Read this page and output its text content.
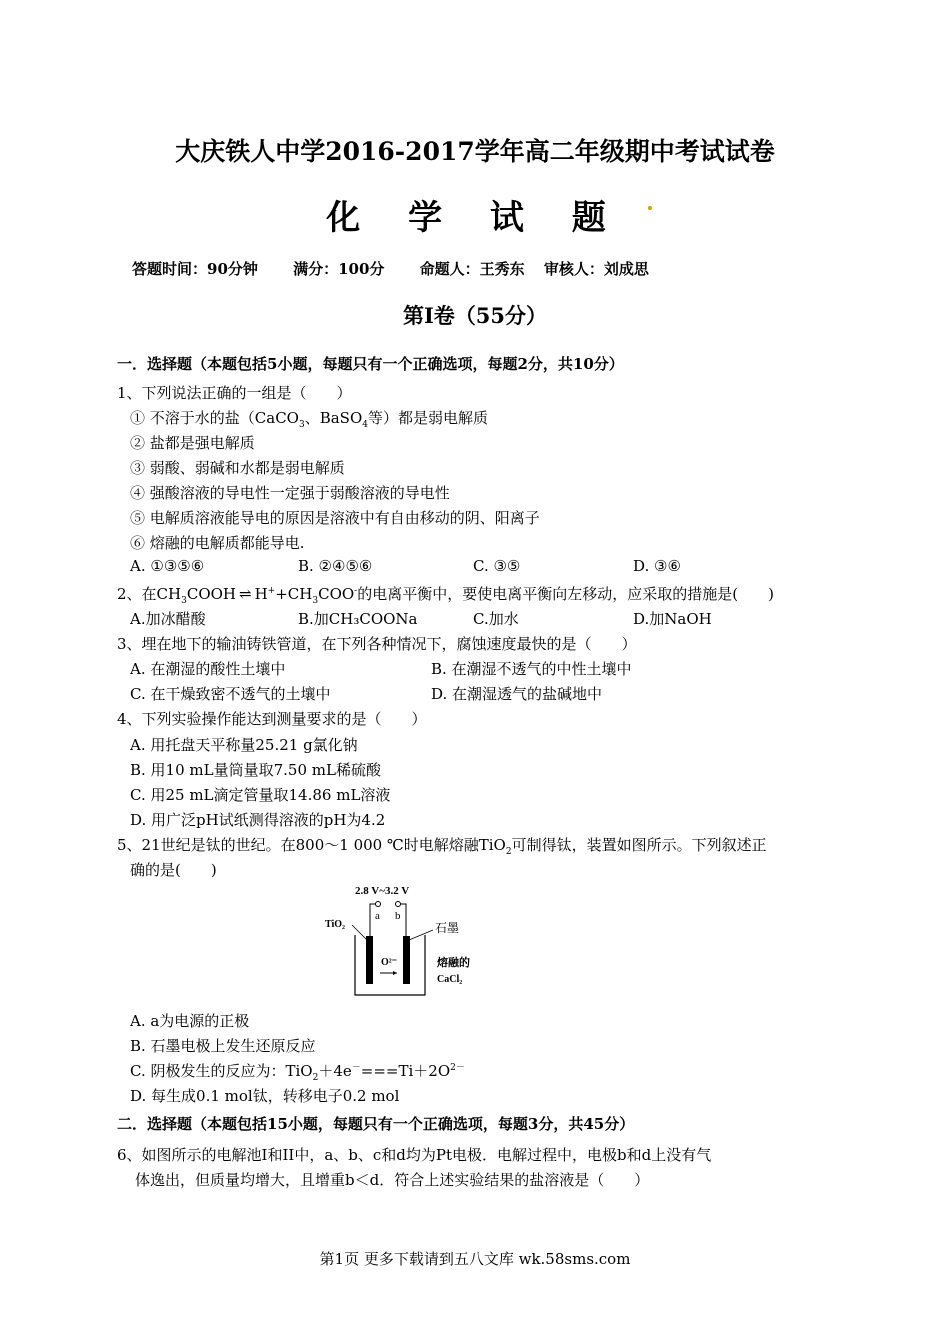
大庆铁人中学2016-2017学年高二年级期中考试试卷
化 学 试 题
答题时间：90分钟 满分：100分 命题人：王秀东 审核人：刘成思
第I卷（55分）
一．选择题（本题包括5小题，每题只有一个正确选项，每题2分，共10分）
1、下列说法正确的一组是（　　）
① 不溶于水的盐（CaCO$_3$、BaSO$_4$等）都是弱电解质
② 盐都是强电解质
③ 弱酸、弱碱和水都是弱电解质
④ 强酸溶液的导电性一定强于弱酸溶液的导电性
⑤ 电解质溶液能导电的原因是溶液中有自由移动的阴、阳离子
⑥ 熔融的电解质都能导电.
A. ①③⑤⑥	B. ②④⑤⑥	C. ③⑤	D. ③⑥
2、在$CH_3COOH$ ⇌ $H^++CH_3COO^-$的电离平衡中，要使电离平衡向左移动，应采取的措施是(　　)
A.加冰醋酸	B.加CH₃COONa	C.加水	D.加NaOH
3、埋在地下的输油铸铁管道，在下列各种情况下，腐蚀速度最快的是（　　）
A. 在潮湿的酸性土壤中	B. 在潮湿不透气的中性土壤中
C. 在干燥致密不透气的土壤中	D. 在潮湿透气的盐碱地中
4、下列实验操作能达到测量要求的是（　　）
A. 用托盘天平称量25.21 g氯化钠
B. 用10 mL量筒量取7.50 mL稀硫酸
C. 用25 mL滴定管量取14.86 mL溶液
D. 用广泛pH试纸测得溶液的pH为4.2
5、21世纪是钛的世纪。在800～1 000 ℃时电解熔融TiO$_2$可制得钛，装置如图所示。下列叙述正
确的是(　　)
2.8 V~3.2 V
a b
TiO₂	石墨
O²⁻	熔融的
CaCl₂
A. a为电源的正极
B. 石墨电极上发生还原反应
C. 阴极发生的反应为：$TiO_2+4e^-===Ti+2O^{2-}$
D. 每生成0.1 mol钛，转移电子0.2 mol
二．选择题（本题包括15小题，每题只有一个正确选项，每题3分，共45分）
6、如图所示的电解池Ⅰ和II中，a、b、c和d均为Pt电极．电解过程中，电极b和d上没有气
体逸出，但质量均增大，且增重b＜d．符合上述实验结果的盐溶液是（　　）
第1页 更多下载请到五八文库 wk.58sms.com
